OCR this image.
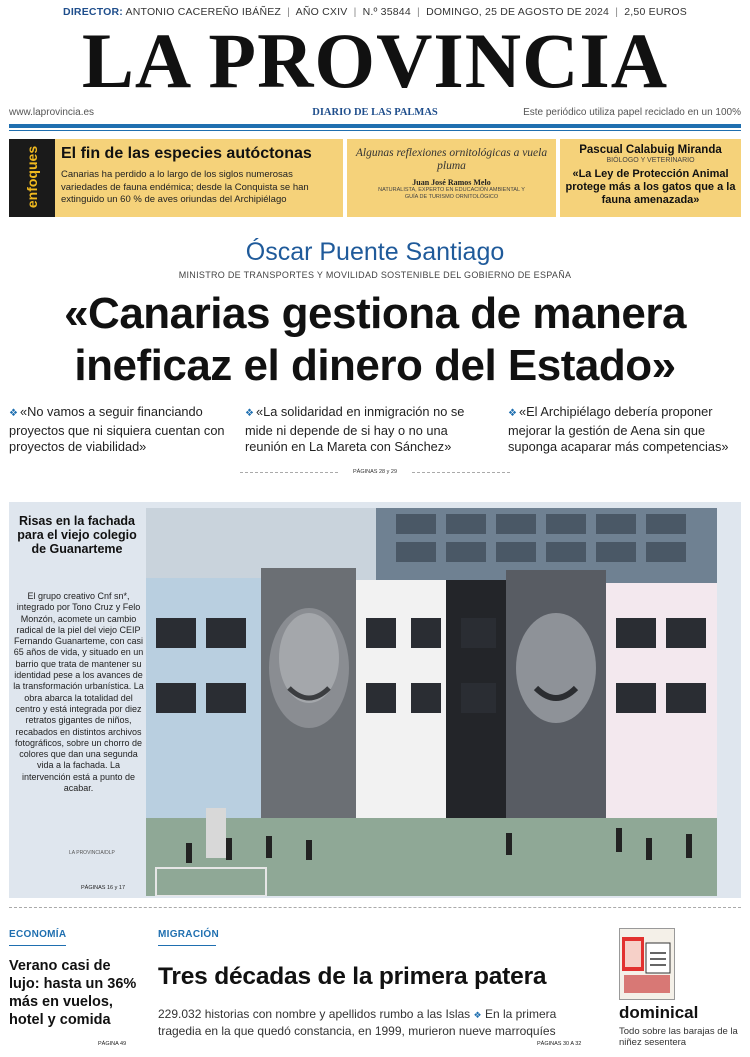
DIRECTOR: ANTONIO CACEREÑO IBÁÑEZ | AÑO CXIV | N.º 35844 | DOMINGO, 25 DE AGOSTO DE 2024 | 2,50 EUROS
LA PROVINCIA
www.laprovincia.es	DIARIO DE LAS PALMAS	Este periódico utiliza papel reciclado en un 100%
enfoques El fin de las especies autóctonas
Canarias ha perdido a lo largo de los siglos numerosas variedades de fauna endémica; desde la Conquista se han extinguido un 60 % de aves oriundas del Archipiélago
Algunas reflexiones ornitológicas a vuela pluma
Juan José Ramos Melo
NATURALISTA, EXPERTO EN EDUCACIÓN AMBIENTAL Y GUÍA DE TURISMO ORNITOLÓGICO
Pascual Calabuig Miranda
BIÓLOGO Y VETERINARIO
«La Ley de Protección Animal protege más a los gatos que a la fauna amenazada»
Óscar Puente Santiago
MINISTRO DE TRANSPORTES Y MOVILIDAD SOSTENIBLE DEL GOBIERNO DE ESPAÑA
«Canarias gestiona de manera
ineficaz el dinero del Estado»
❖ «No vamos a seguir financiando proyectos que ni siquiera cuentan con proyectos de viabilidad»
❖ «La solidaridad en inmigración no se mide ni depende de si hay o no una reunión en La Mareta con Sánchez»
❖ «El Archipiélago debería proponer mejorar la gestión de Aena sin que suponga acaparar más competencias»
PÁGINAS 28 y 29
Risas en la fachada para el viejo colegio de Guanarteme
El grupo creativo Cnf sn*, integrado por Tono Cruz y Felo Monzón, acomete un cambio radical de la piel del viejo CEIP Fernando Guanarteme, con casi 65 años de vida, y situado en un barrio que trata de mantener su identidad pese a los avances de la transformación urbanística. La obra abarca la totalidad del centro y está integrada por diez retratos gigantes de niños, recabados en distintos archivos fotográficos, sobre un chorro de colores que dan una segunda vida a la fachada. La intervención está a punto de acabar.
LA PROVINCIA/DLP
PÁGINAS 16 y 17
ECONOMÍA
Verano casi de lujo: hasta un 36% más en vuelos, hotel y comida
PÁGINA 49
MIGRACIÓN
Tres décadas de la primera patera
229.032 historias con nombre y apellidos rumbo a las Islas ❖ En la primera tragedia en la que quedó constancia, en 1999, murieron nueve marroquíes
PÁGINAS 30 A 32
dominical
Todo sobre las barajas de la niñez sesentera
